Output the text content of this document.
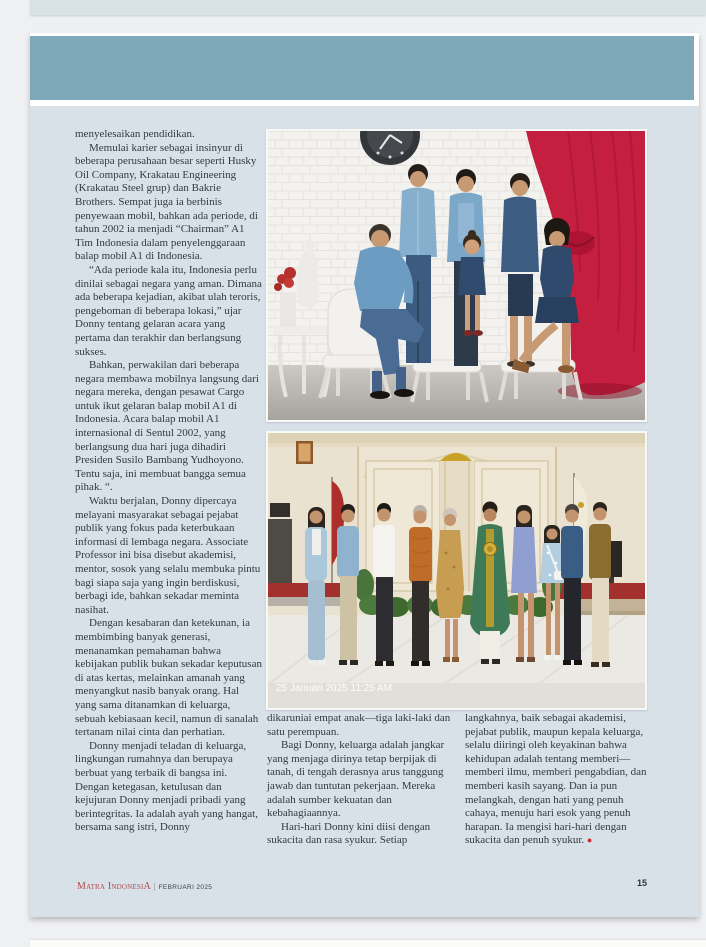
menyelesaikan pendidikan.

Memulai karier sebagai insinyur di beberapa perusahaan besar seperti Husky Oil Company, Krakatau Engineering (Krakatau Steel grup) dan Bakrie Brothers. Sempat juga ia berbinis penyewaan mobil, bahkan ada periode, di tahun 2002 ia menjadi “Chairman” A1 Tim Indonesia dalam penyelenggaraan balap mobil A1 di Indonesia.

“Ada periode kala itu, Indonesia perlu dinilai sebagai negara yang aman. Dimana ada beberapa kejadian, akibat ulah teroris, pengeboman di beberapa lokasi,” ujar Donny tentang gelaran acara yang pertama dan terakhir dan berlangsung sukses.

Bahkan, perwakilan dari beberapa negara membawa mobilnya langsung dari negara mereka, dengan pesawat Cargo untuk ikut gelaran balap mobil A1 di Indonesia. Acara balap mobil A1 internasional di Sentul 2002, yang berlangsung dua hari juga dihadiri Presiden Susilo Bambang Yudhoyono. Tentu saja, ini membuat bangga semua pihak. “.

Waktu berjalan, Donny dipercaya melayani masyarakat sebagai pejabat publik yang fokus pada keterbukaan informasi di lembaga negara. Associate Professor ini bisa disebut akademisi, mentor, sosok yang selalu membuka pintu bagi siapa saja yang ingin berdiskusi, berbagi ide, bahkan sekadar meminta nasihat.

Dengan kesabaran dan ketekunan, ia membimbing banyak generasi, menanamkan pemahaman bahwa kebijakan publik bukan sekadar keputusan di atas kertas, melainkan amanah yang menyangkut nasib banyak orang. Hal yang sama ditanamkan di keluarga, sebuah kebiasaan kecil, namun di sanalah tertanam nilai cinta dan perhatian.

Donny menjadi teladan di keluarga, lingkungan rumahnya dan berupaya berbuat yang terbaik di bangsa ini. Dengan ketegasan, ketulusan dan kejujuran Donny menjadi pribadi yang berintegritas. Ia adalah ayah yang hangat, bersama sang istri, Donny

25 Januari 2025 11:25 AM

dikaruniai empat anak—tiga laki-laki dan satu perempuan.

Bagi Donny, keluarga adalah jangkar yang menjaga dirinya tetap berpijak di tanah, di tengah derasnya arus tanggung jawab dan tuntutan pekerjaan. Mereka adalah sumber kekuatan dan kebahagiaannya.

Hari-hari Donny kini diisi dengan sukacita dan rasa syukur. Setiap

langkahnya, baik sebagai akademisi, pejabat publik, maupun kepala keluarga, selalu diiringi oleh keyakinan bahwa kehidupan adalah tentang memberi—memberi ilmu, memberi pengabdian, dan memberi kasih sayang. Dan ia pun melangkah, dengan hati yang penuh cahaya, menuju hari esok yang penuh harapan. Ia mengisi hari-hari dengan sukacita dan penuh syukur. ●

Matra IndonesiA | FEBRUARI 2025	15
